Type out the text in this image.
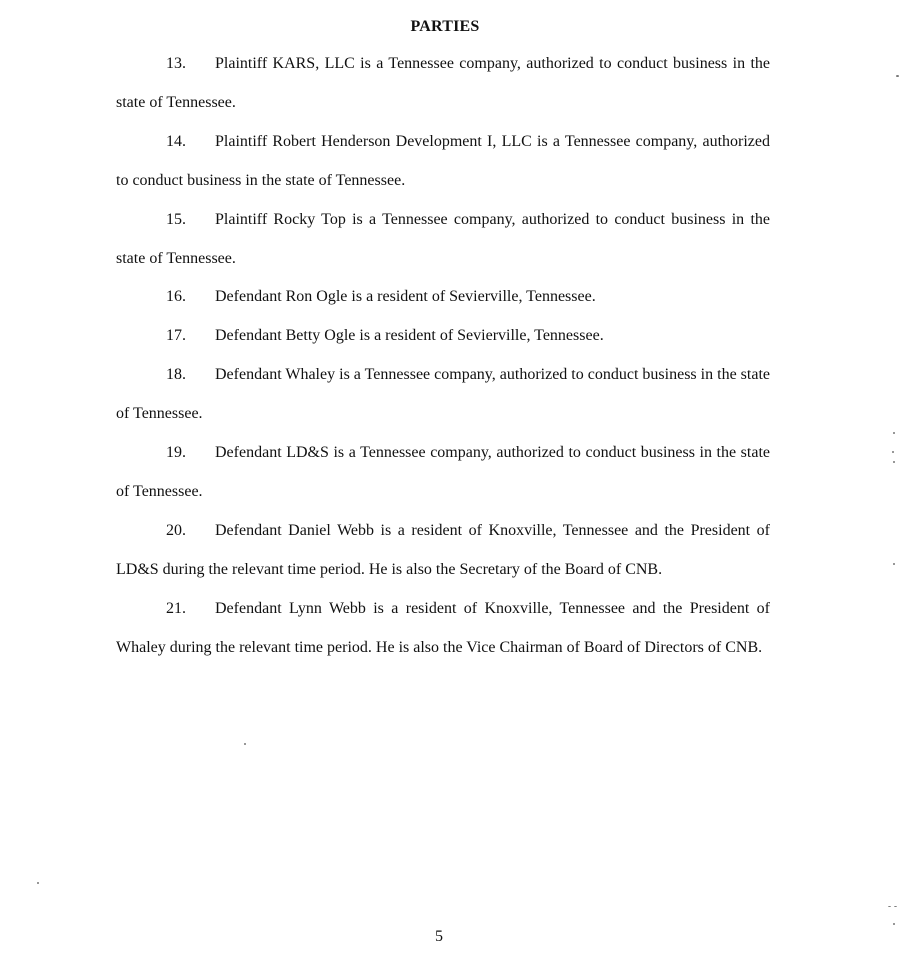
PARTIES
13. Plaintiff KARS, LLC is a Tennessee company, authorized to conduct business in the state of Tennessee.
14. Plaintiff Robert Henderson Development I, LLC is a Tennessee company, authorized to conduct business in the state of Tennessee.
15. Plaintiff Rocky Top is a Tennessee company, authorized to conduct business in the state of Tennessee.
16. Defendant Ron Ogle is a resident of Sevierville, Tennessee.
17. Defendant Betty Ogle is a resident of Sevierville, Tennessee.
18. Defendant Whaley is a Tennessee company, authorized to conduct business in the state of Tennessee.
19. Defendant LD&S is a Tennessee company, authorized to conduct business in the state of Tennessee.
20. Defendant Daniel Webb is a resident of Knoxville, Tennessee and the President of LD&S during the relevant time period. He is also the Secretary of the Board of CNB.
21. Defendant Lynn Webb is a resident of Knoxville, Tennessee and the President of Whaley during the relevant time period. He is also the Vice Chairman of Board of Directors of CNB.
5
